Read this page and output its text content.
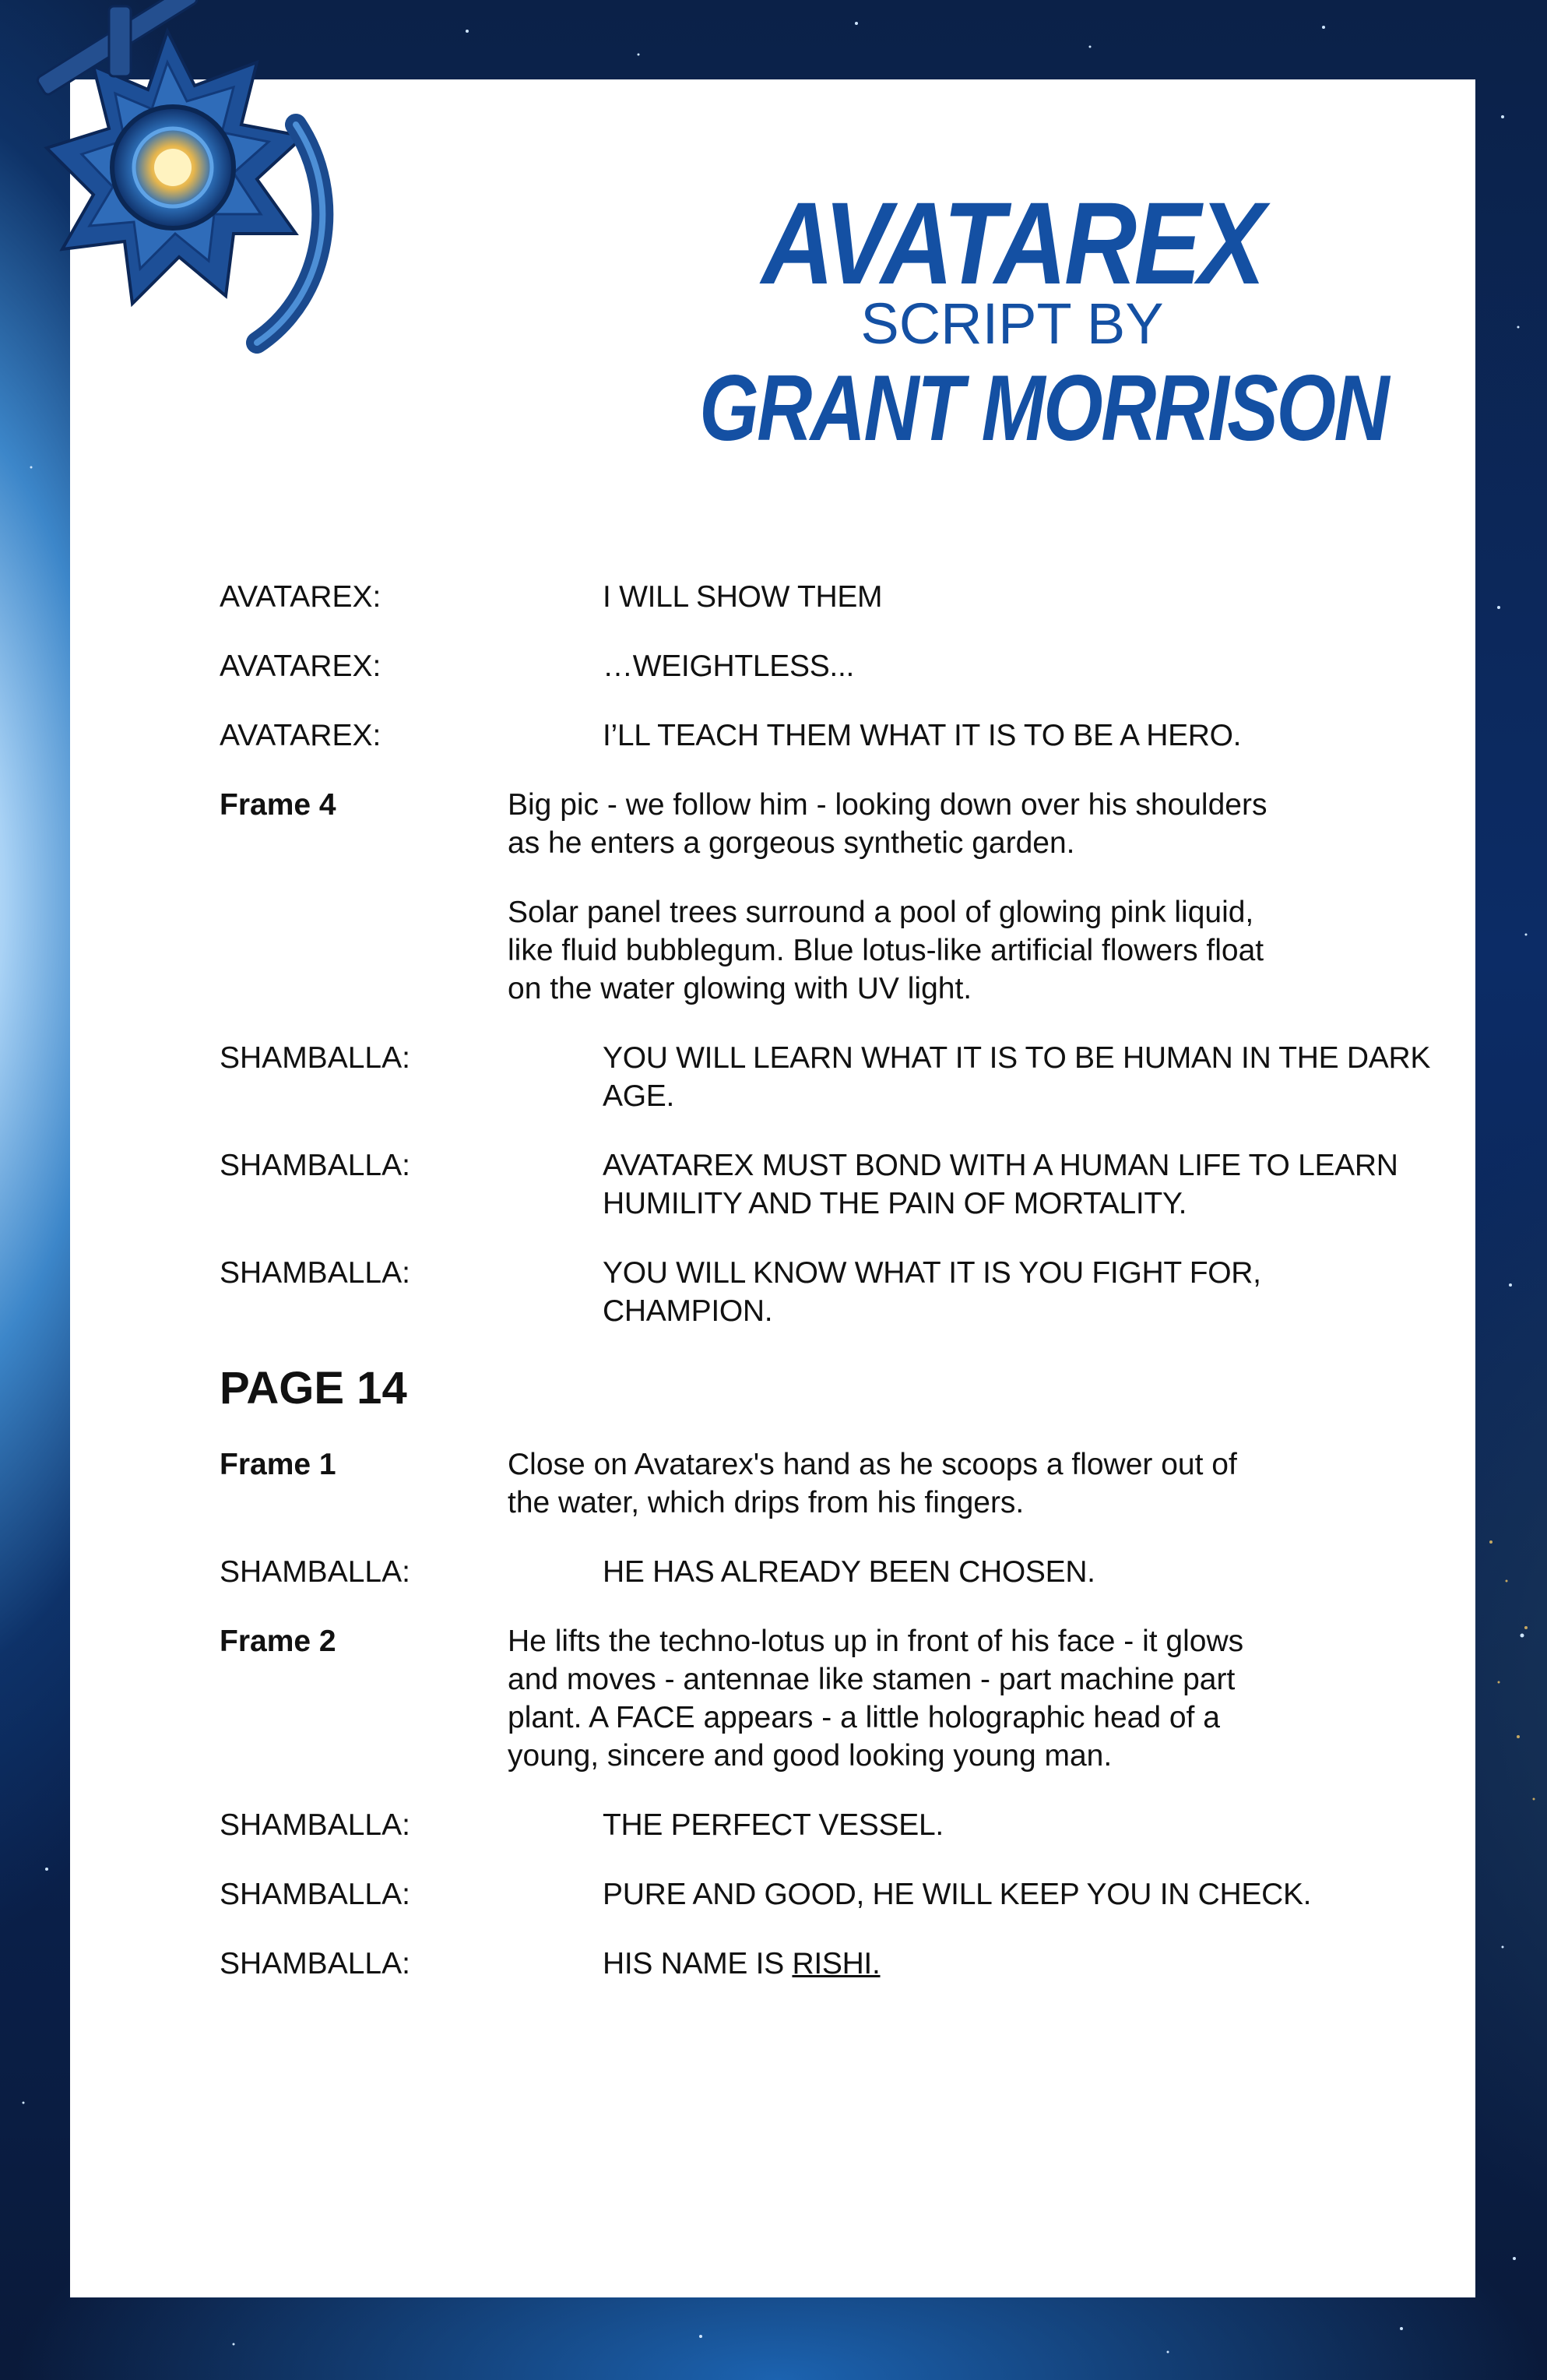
AVATAREX
SCRIPT BY
GRANT MORRISON
AVATAREX:	I WILL SHOW THEM
AVATAREX:	…WEIGHTLESS...
AVATAREX:	I’LL TEACH THEM WHAT IT IS TO BE A HERO.
Frame 4	Big pic - we follow him - looking down over his shoulders as he enters a gorgeous synthetic garden.
Solar panel trees surround a pool of glowing pink liquid, like fluid bubblegum. Blue lotus-like artificial flowers float on the water glowing with UV light.
SHAMBALLA:	YOU WILL LEARN WHAT IT IS TO BE HUMAN IN THE DARK AGE.
SHAMBALLA:	AVATAREX MUST BOND WITH A HUMAN LIFE TO LEARN HUMILITY AND THE PAIN OF MORTALITY.
SHAMBALLA:	YOU WILL KNOW WHAT IT IS YOU FIGHT FOR, CHAMPION.
PAGE 14
Frame 1	Close on Avatarex's hand as he scoops a flower out of the water, which drips from his fingers.
SHAMBALLA:	HE HAS ALREADY BEEN CHOSEN.
Frame 2	He lifts the techno-lotus up in front of his face - it glows and moves - antennae like stamen - part machine part plant. A FACE appears - a little holographic head of a young, sincere and good looking young man.
SHAMBALLA:	THE PERFECT VESSEL.
SHAMBALLA:	PURE AND GOOD, HE WILL KEEP YOU IN CHECK.
SHAMBALLA:	HIS NAME IS RISHI.
